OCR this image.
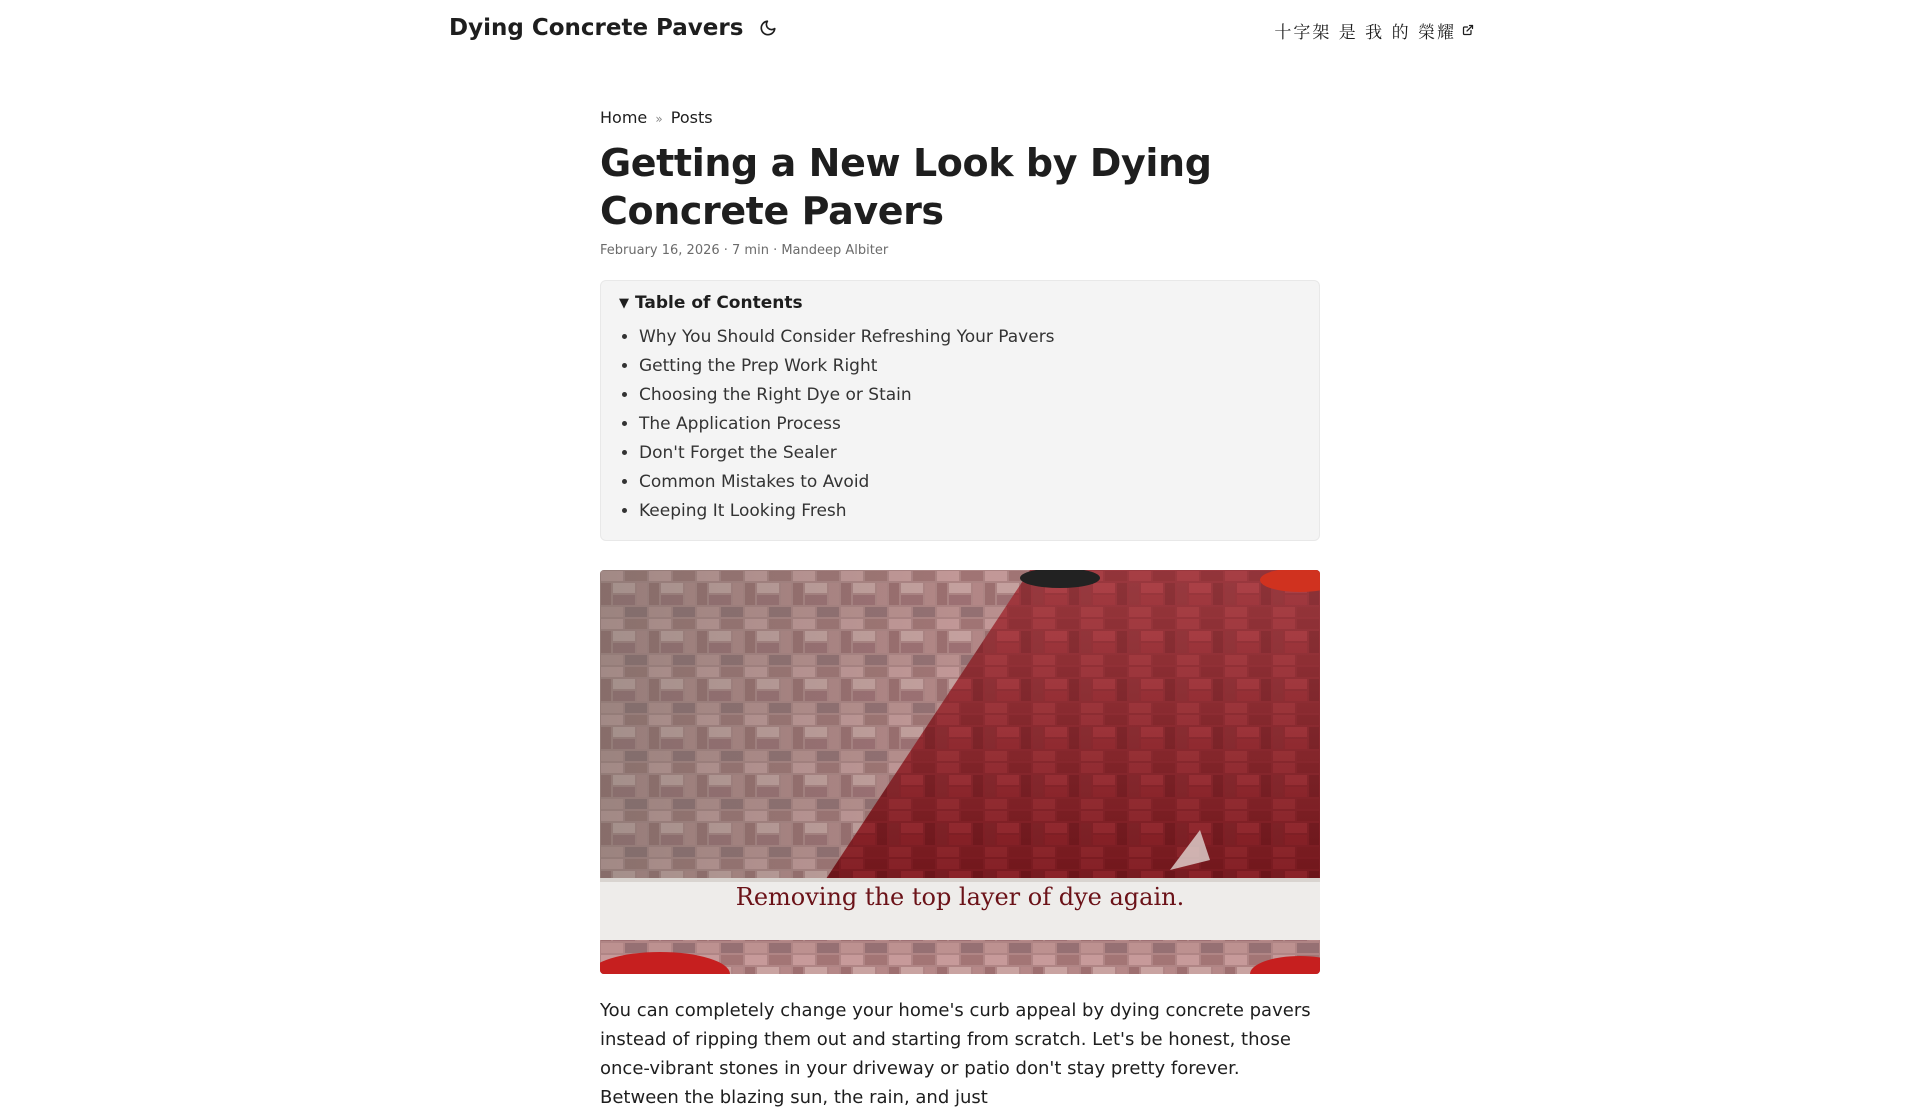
Dying Concrete Pavers	十字架 是 我 的 榮耀
Home » Posts
Getting a New Look by Dying Concrete Pavers
February 16, 2026 · 7 min · Mandeep Albiter
▼ Table of Contents
• Why You Should Consider Refreshing Your Pavers
• Getting the Prep Work Right
• Choosing the Right Dye or Stain
• The Application Process
• Don't Forget the Sealer
• Common Mistakes to Avoid
• Keeping It Looking Fresh
Removing the top layer of dye again.

You can completely change your home's curb appeal by dying concrete pavers instead of ripping them out and starting from scratch. Let's be honest, those once-vibrant stones in your driveway or patio don't stay pretty forever. Between the blazing sun, the rain, and just
